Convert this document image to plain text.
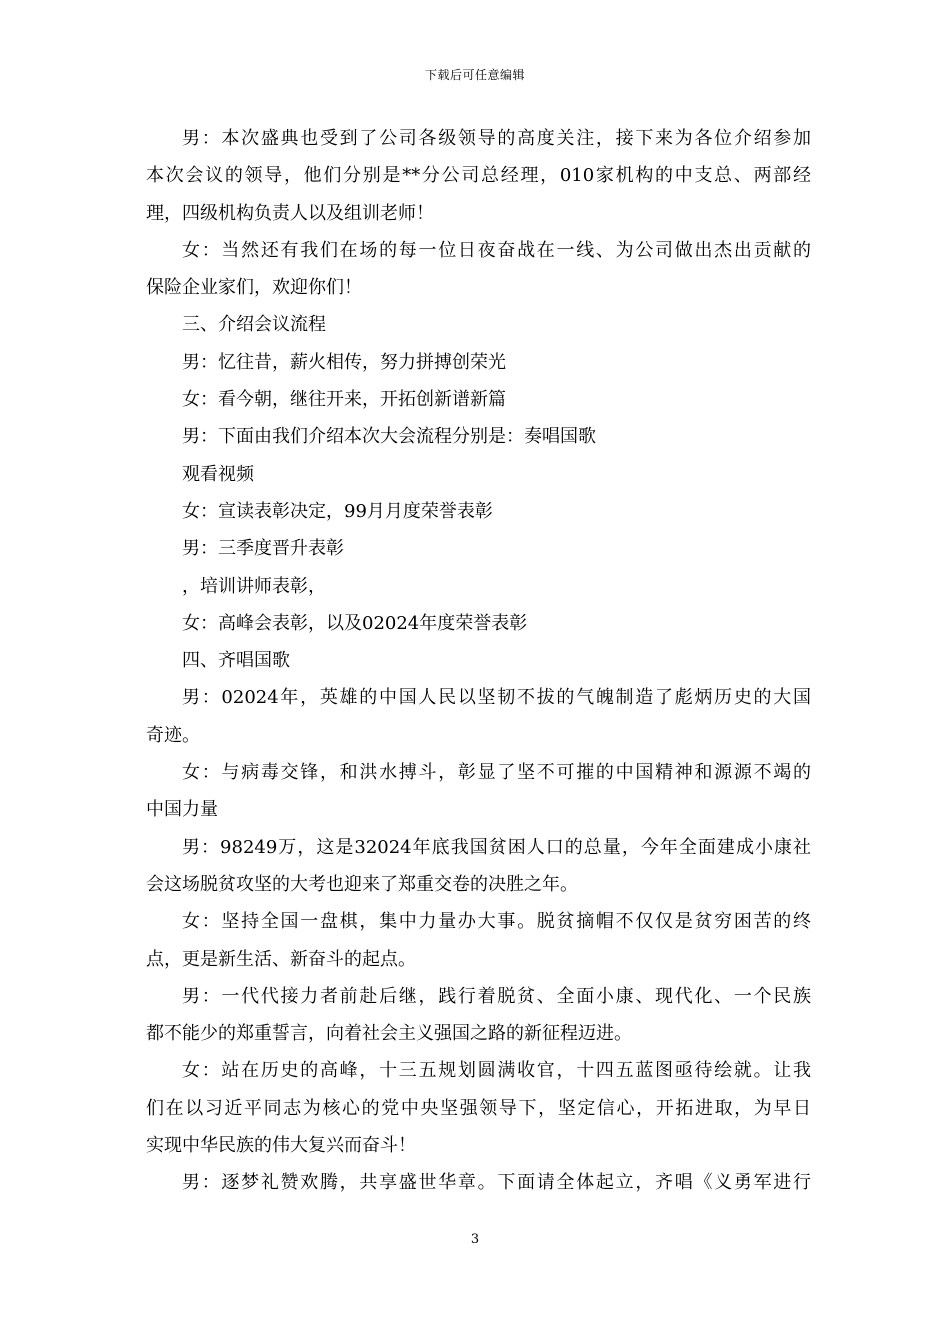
下载后可任意编辑

男：本次盛典也受到了公司各级领导的高度关注，接下来为各位介绍参加

本次会议的领导，他们分别是**分公司总经理，010家机构的中支总、两部经

理，四级机构负责人以及组训老师！

女：当然还有我们在场的每一位日夜奋战在一线、为公司做出杰出贡献的

保险企业家们，欢迎你们！

三、介绍会议流程

男：忆往昔，薪火相传，努力拼搏创荣光

女：看今朝，继往开来，开拓创新谱新篇

男：下面由我们介绍本次大会流程分别是：奏唱国歌

观看视频

女：宣读表彰决定，99月月度荣誉表彰

男：三季度晋升表彰

，培训讲师表彰，

女：高峰会表彰，以及02024年度荣誉表彰

四、齐唱国歌

男：02024年，英雄的中国人民以坚韧不拔的气魄制造了彪炳历史的大国

奇迹。

女：与病毒交锋，和洪水搏斗，彰显了坚不可摧的中国精神和源源不竭的

中国力量

男：98249万，这是32024年底我国贫困人口的总量，今年全面建成小康社

会这场脱贫攻坚的大考也迎来了郑重交卷的决胜之年。

女：坚持全国一盘棋，集中力量办大事。脱贫摘帽不仅仅是贫穷困苦的终

点，更是新生活、新奋斗的起点。

男：一代代接力者前赴后继，践行着脱贫、全面小康、现代化、一个民族

都不能少的郑重誓言，向着社会主义强国之路的新征程迈进。

女：站在历史的高峰，十三五规划圆满收官，十四五蓝图亟待绘就。让我

们在以习近平同志为核心的党中央坚强领导下，坚定信心，开拓进取，为早日

实现中华民族的伟大复兴而奋斗！

男：逐梦礼赞欢腾，共享盛世华章。下面请全体起立，齐唱《义勇军进行

3
